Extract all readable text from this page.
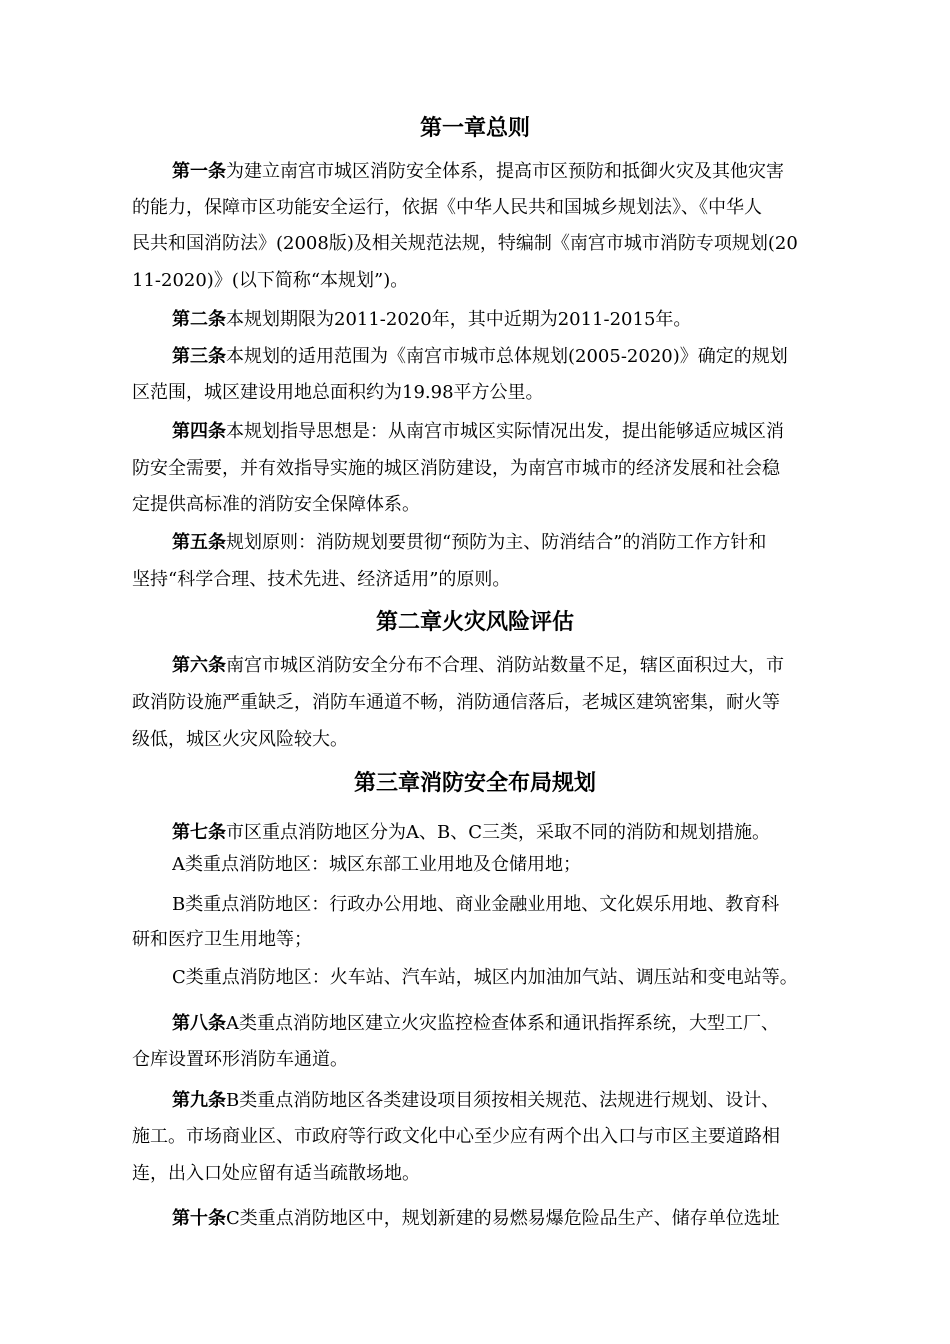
第一章总则
第一条为建立南宫市城区消防安全体系，提高市区预防和抵御火灾及其他灾害
的能力，保障市区功能安全运行，依据《中华人民共和国城乡规划法》、《中华人
民共和国消防法》(2008版)及相关规范法规，特编制《南宫市城市消防专项规划(20
11-2020)》(以下简称“本规划”)。
第二条本规划期限为2011-2020年，其中近期为2011-2015年。
第三条本规划的适用范围为《南宫市城市总体规划(2005-2020)》确定的规划
区范围，城区建设用地总面积约为19.98平方公里。
第四条本规划指导思想是：从南宫市城区实际情况出发，提出能够适应城区消
防安全需要，并有效指导实施的城区消防建设，为南宫市城市的经济发展和社会稳
定提供高标准的消防安全保障体系。
第五条规划原则：消防规划要贯彻“预防为主、防消结合”的消防工作方针和
坚持“科学合理、技术先进、经济适用”的原则。
第二章火灾风险评估
第六条南宫市城区消防安全分布不合理、消防站数量不足，辖区面积过大，市
政消防设施严重缺乏，消防车通道不畅，消防通信落后，老城区建筑密集，耐火等
级低，城区火灾风险较大。
第三章消防安全布局规划
第七条市区重点消防地区分为A、B、C三类，采取不同的消防和规划措施。
A类重点消防地区：城区东部工业用地及仓储用地；
B类重点消防地区：行政办公用地、商业金融业用地、文化娱乐用地、教育科
研和医疗卫生用地等；
C类重点消防地区：火车站、汽车站，城区内加油加气站、调压站和变电站等。
第八条A类重点消防地区建立火灾监控检查体系和通讯指挥系统，大型工厂、
仓库设置环形消防车通道。
第九条B类重点消防地区各类建设项目须按相关规范、法规进行规划、设计、
施工。市场商业区、市政府等行政文化中心至少应有两个出入口与市区主要道路相
连，出入口处应留有适当疏散场地。
第十条C类重点消防地区中，规划新建的易燃易爆危险品生产、储存单位选址
